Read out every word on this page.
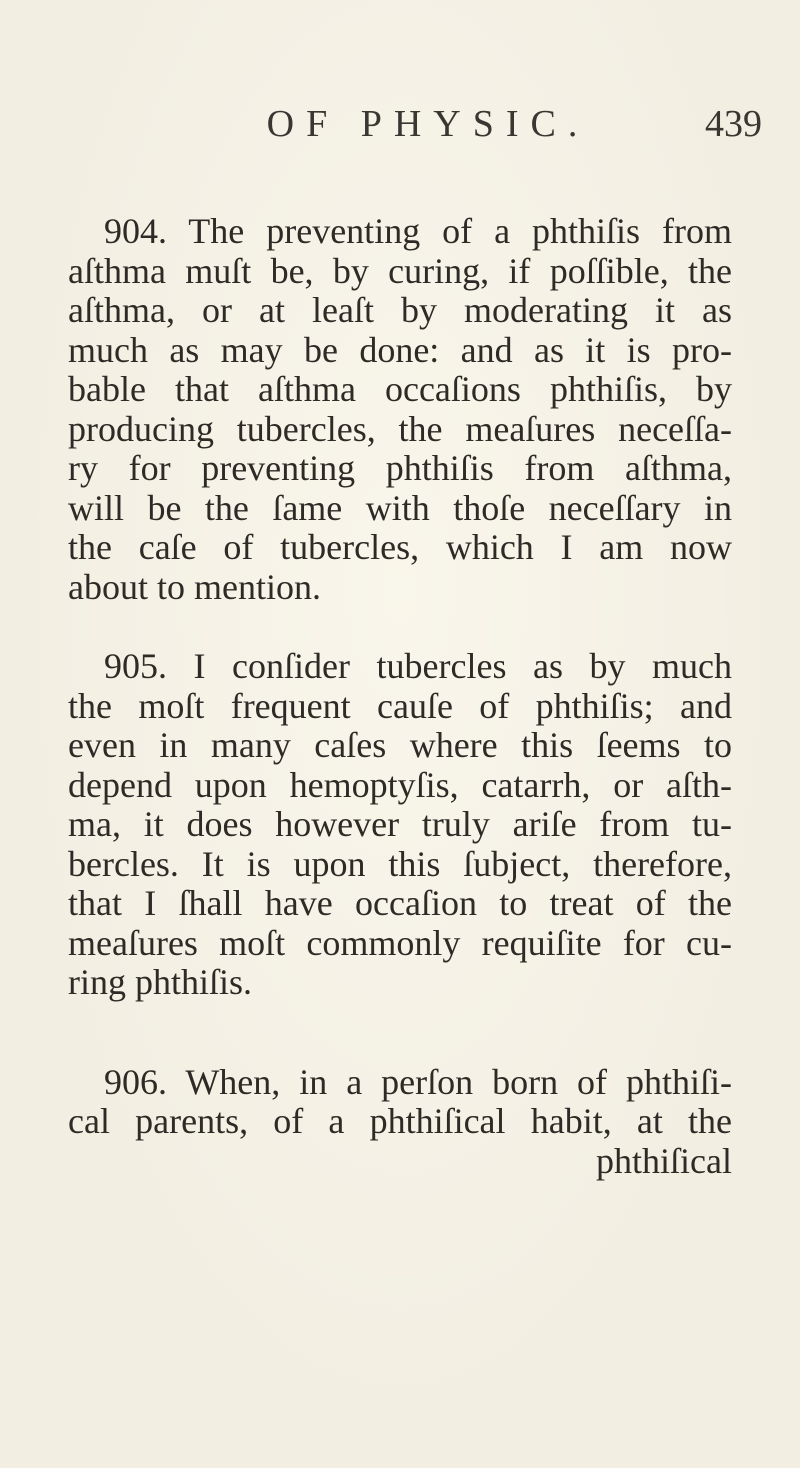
OF PHYSIC.	439
904. The preventing of a phthiſis from
aſthma muſt be, by curing, if poſſible, the
aſthma, or at leaſt by moderating it as
much as may be done: and as it is pro-
bable that aſthma occaſions phthiſis, by
producing tubercles, the meaſures neceſſa-
ry for preventing phthiſis from aſthma,
will be the ſame with thoſe neceſſary in
the caſe of tubercles, which I am now
about to mention.
905. I conſider tubercles as by much
the moſt frequent cauſe of phthiſis; and
even in many caſes where this ſeems to
depend upon hemoptyſis, catarrh, or aſth-
ma, it does however truly ariſe from tu-
bercles. It is upon this ſubject, therefore,
that I ſhall have occaſion to treat of the
meaſures moſt commonly requiſite for cu-
ring phthiſis.
906. When, in a perſon born of phthiſi-
cal parents, of a phthiſical habit, at the
phthiſical
